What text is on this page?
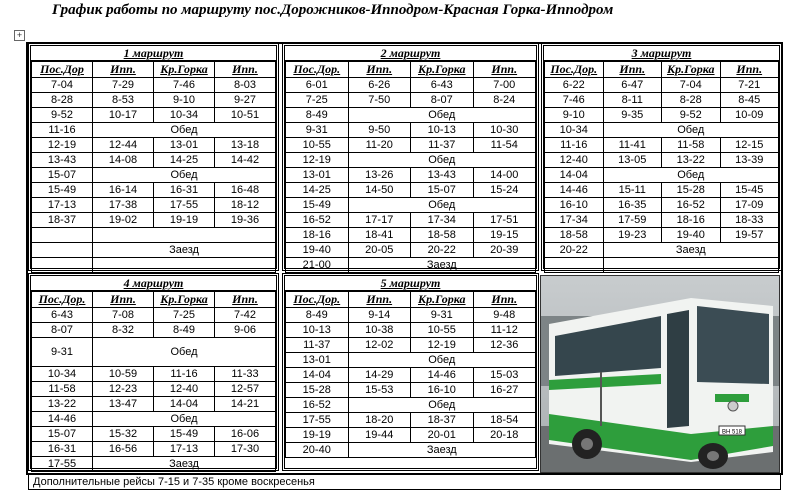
График работы по маршруту пос.Дорожников-Ипподром-Красная Горка-Ипподром
+
1 маршрут
Пос.Дор	Ипп.	Кр.Горка	Ипп.
7-04	7-29	7-46	8-03
8-28	8-53	9-10	9-27
9-52	10-17	10-34	10-51
11-16	Обед		
12-19	12-44	13-01	13-18
13-43	14-08	14-25	14-42
15-07	Обед		
15-49	16-14	16-31	16-48
17-13	17-38	17-55	18-12
18-37	19-02	19-19	19-36

	Заезд		

2 маршрут
Пос.Дор.	Ипп.	Кр.Горка	Ипп.
6-01	6-26	6-43	7-00
7-25	7-50	8-07	8-24
8-49	Обед		
9-31	9-50	10-13	10-30
10-55	11-20	11-37	11-54
12-19	Обед		
13-01	13-26	13-43	14-00
14-25	14-50	15-07	15-24
15-49	Обед		
16-52	17-17	17-34	17-51
18-16	18-41	18-58	19-15
19-40	20-05	20-22	20-39
21-00	Заезд		
3 маршрут
Пос.Дор.	Ипп.	Кр.Горка	Ипп.
6-22	6-47	7-04	7-21
7-46	8-11	8-28	8-45
9-10	9-35	9-52	10-09
10-34	Обед		
11-16	11-41	11-58	12-15
12-40	13-05	13-22	13-39
14-04	Обед		
14-46	15-11	15-28	15-45
16-10	16-35	16-52	17-09
17-34	17-59	18-16	18-33
18-58	19-23	19-40	19-57
20-22	Заезд		

4 маршрут
Пос.Дор.	Ипп.	Кр.Горка	Ипп.
6-43	7-08	7-25	7-42
8-07	8-32	8-49	9-06
9-31	Обед		
10-34	10-59	11-16	11-33
11-58	12-23	12-40	12-57
13-22	13-47	14-04	14-21
14-46	Обед		
15-07	15-32	15-49	16-06
16-31	16-56	17-13	17-30
17-55	Заезд		
5 маршрут
Пос.Дор.	Ипп.	Кр.Горка	Ипп.
8-49	9-14	9-31	9-48
10-13	10-38	10-55	11-12
11-37	12-02	12-19	12-36
13-01	Обед		
14-04	14-29	14-46	15-03
15-28	15-53	16-10	16-27
16-52	Обед		
17-55	18-20	18-37	18-54
19-19	19-44	20-01	20-18
20-40	Заезд		
ВН 518
Дополнительные рейсы 7-15 и 7-35 кроме воскресенья
